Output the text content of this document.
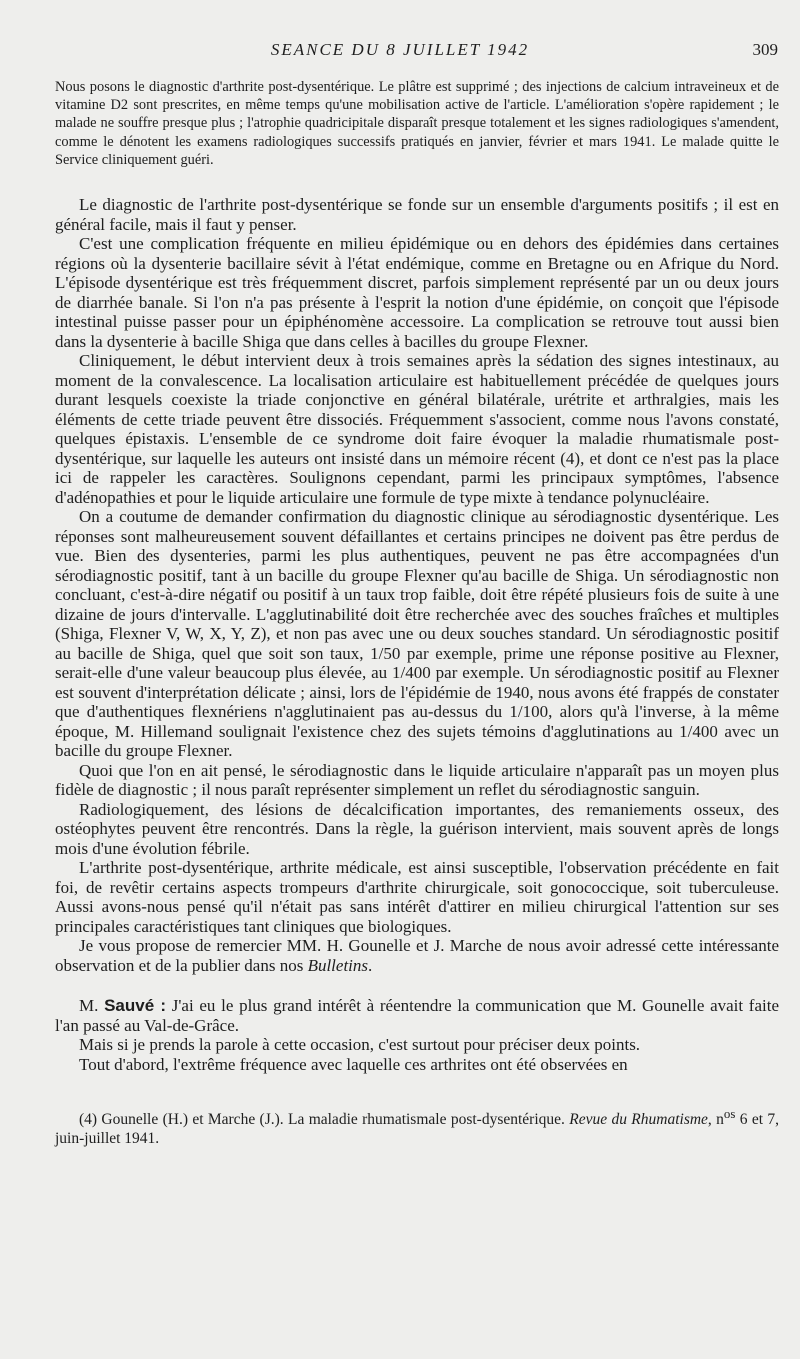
SEANCE DU 8 JUILLET 1942	309

Nous posons le diagnostic d'arthrite post-dysentérique. Le plâtre est supprimé ; des injections de calcium intraveineux et de vitamine D2 sont prescrites, en même temps qu'une mobilisation active de l'article. L'amélioration s'opère rapidement ; le malade ne souffre presque plus ; l'atrophie quadricipitale disparaît presque totalement et les signes radiologiques s'amendent, comme le dénotent les examens radiologiques successifs pratiqués en janvier, février et mars 1941. Le malade quitte le Service cliniquement guéri.

Le diagnostic de l'arthrite post-dysentérique se fonde sur un ensemble d'arguments positifs ; il est en général facile, mais il faut y penser.

C'est une complication fréquente en milieu épidémique ou en dehors des épidémies dans certaines régions où la dysenterie bacillaire sévit à l'état endémique, comme en Bretagne ou en Afrique du Nord. L'épisode dysentérique est très fréquemment discret, parfois simplement représenté par un ou deux jours de diarrhée banale. Si l'on n'a pas présente à l'esprit la notion d'une épidémie, on conçoit que l'épisode intestinal puisse passer pour un épiphénomène accessoire. La complication se retrouve tout aussi bien dans la dysenterie à bacille Shiga que dans celles à bacilles du groupe Flexner.

Cliniquement, le début intervient deux à trois semaines après la sédation des signes intestinaux, au moment de la convalescence. La localisation articulaire est habituellement précédée de quelques jours durant lesquels coexiste la triade conjonctive en général bilatérale, urétrite et arthralgies, mais les éléments de cette triade peuvent être dissociés. Fréquemment s'associent, comme nous l'avons constaté, quelques épistaxis. L'ensemble de ce syndrome doit faire évoquer la maladie rhumatismale post-dysentérique, sur laquelle les auteurs ont insisté dans un mémoire récent (4), et dont ce n'est pas la place ici de rappeler les caractères. Soulignons cependant, parmi les principaux symptômes, l'absence d'adénopathies et pour le liquide articulaire une formule de type mixte à tendance polynucléaire.

On a coutume de demander confirmation du diagnostic clinique au sérodiagnostic dysentérique. Les réponses sont malheureusement souvent défaillantes et certains principes ne doivent pas être perdus de vue. Bien des dysenteries, parmi les plus authentiques, peuvent ne pas être accompagnées d'un sérodiagnostic positif, tant à un bacille du groupe Flexner qu'au bacille de Shiga. Un sérodiagnostic non concluant, c'est-à-dire négatif ou positif à un taux trop faible, doit être répété plusieurs fois de suite à une dizaine de jours d'intervalle. L'agglutinabilité doit être recherchée avec des souches fraîches et multiples (Shiga, Flexner V, W, X, Y, Z), et non pas avec une ou deux souches standard. Un sérodiagnostic positif au bacille de Shiga, quel que soit son taux, 1/50 par exemple, prime une réponse positive au Flexner, serait-elle d'une valeur beaucoup plus élevée, au 1/400 par exemple. Un sérodiagnostic positif au Flexner est souvent d'interprétation délicate ; ainsi, lors de l'épidémie de 1940, nous avons été frappés de constater que d'authentiques flexnériens n'agglutinaient pas au-dessus du 1/100, alors qu'à l'inverse, à la même époque, M. Hillemand soulignait l'existence chez des sujets témoins d'agglutinations au 1/400 avec un bacille du groupe Flexner.

Quoi que l'on en ait pensé, le sérodiagnostic dans le liquide articulaire n'apparaît pas un moyen plus fidèle de diagnostic ; il nous paraît représenter simplement un reflet du sérodiagnostic sanguin.

Radiologiquement, des lésions de décalcification importantes, des remaniements osseux, des ostéophytes peuvent être rencontrés. Dans la règle, la guérison intervient, mais souvent après de longs mois d'une évolution fébrile.

L'arthrite post-dysentérique, arthrite médicale, est ainsi susceptible, l'observation précédente en fait foi, de revêtir certains aspects trompeurs d'arthrite chirurgicale, soit gonococcique, soit tuberculeuse. Aussi avons-nous pensé qu'il n'était pas sans intérêt d'attirer en milieu chirurgical l'attention sur ses principales caractéristiques tant cliniques que biologiques.

Je vous propose de remercier MM. H. Gounelle et J. Marche de nous avoir adressé cette intéressante observation et de la publier dans nos Bulletins.

M. Sauvé : J'ai eu le plus grand intérêt à réentendre la communication que M. Gounelle avait faite l'an passé au Val-de-Grâce.

Mais si je prends la parole à cette occasion, c'est surtout pour préciser deux points.

Tout d'abord, l'extrême fréquence avec laquelle ces arthrites ont été observées en

(4) Gounelle (H.) et Marche (J.). La maladie rhumatismale post-dysentérique. Revue du Rhumatisme, $n^{os}$ 6 et 7, juin-juillet 1941.
